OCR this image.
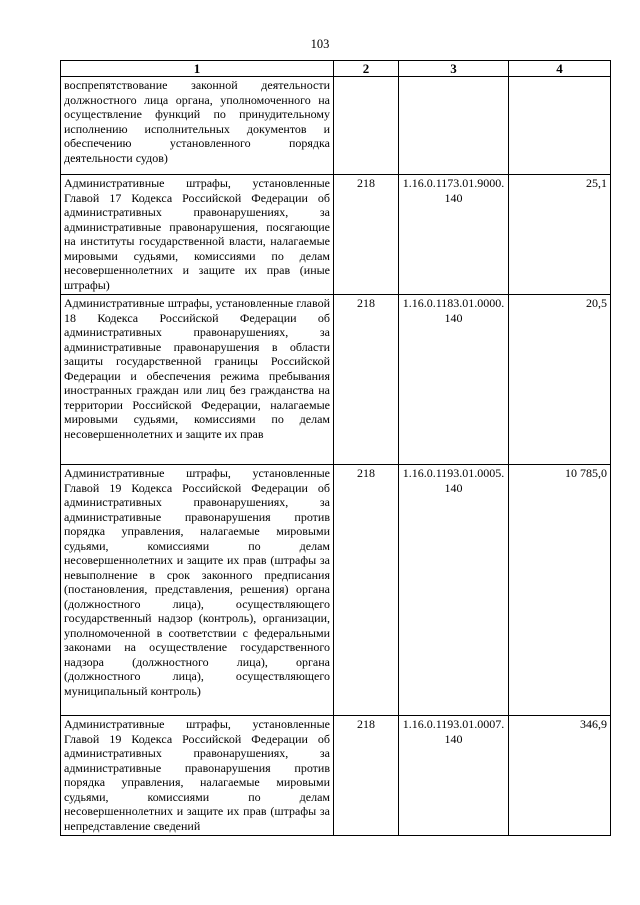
103
1	2	3	4
воспрепятствование законной деятельности должностного лица органа, уполномоченного на осуществление функций по принудительному исполнению исполнительных документов и обеспечению установленного порядка деятельности судов)			
Административные штрафы, установленные Главой 17 Кодекса Российской Федерации об административных правонарушениях, за административные правонарушения, посягающие на институты государственной власти, налагаемые мировыми судьями, комиссиями по делам несовершеннолетних и защите их прав (иные штрафы)	218	1.16.0.1173.01.9000. 140	25,1
Административные штрафы, установленные главой 18 Кодекса Российской Федерации об административных правонарушениях, за административные правонарушения в области защиты государственной границы Российской Федерации и обеспечения режима пребывания иностранных граждан или лиц без гражданства на территории Российской Федерации, налагаемые мировыми судьями, комиссиями по делам несовершеннолетних и защите их прав	218	1.16.0.1183.01.0000. 140	20,5
Административные штрафы, установленные Главой 19 Кодекса Российской Федерации об административных правонарушениях, за административные правонарушения против порядка управления, налагаемые мировыми судьями, комиссиями по делам несовершеннолетних и защите их прав (штрафы за невыполнение в срок законного предписания (постановления, представления, решения) органа (должностного лица), осуществляющего государственный надзор (контроль), организации, уполномоченной в соответствии с федеральными законами на осуществление государственного надзора (должностного лица), органа (должностного лица), осуществляющего муниципальный контроль)	218	1.16.0.1193.01.0005. 140	10 785,0
Административные штрафы, установленные Главой 19 Кодекса Российской Федерации об административных правонарушениях, за административные правонарушения против порядка управления, налагаемые мировыми судьями, комиссиями по делам несовершеннолетних и защите их прав (штрафы за непредставление сведений	218	1.16.0.1193.01.0007. 140	346,9
